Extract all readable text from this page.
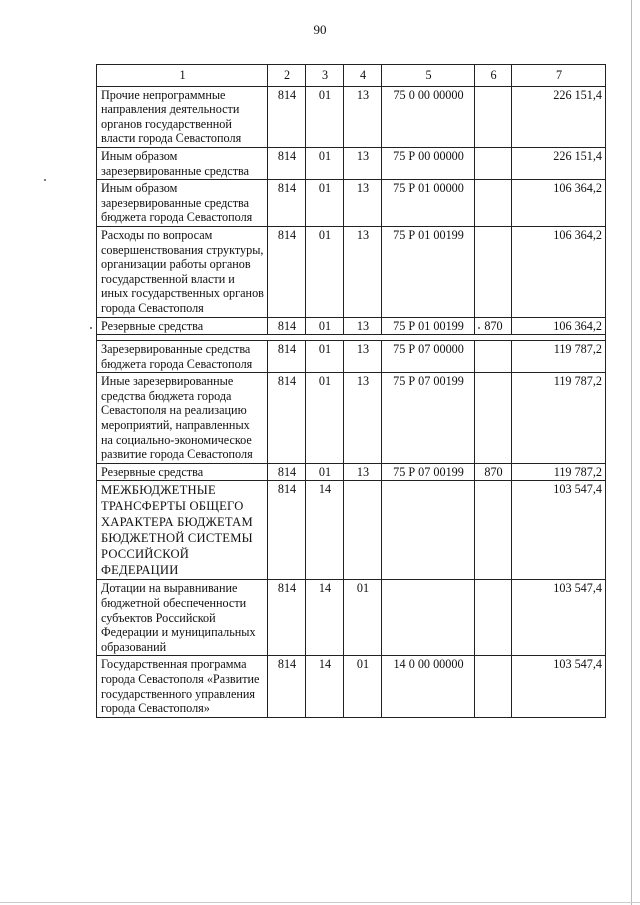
90
1	2	3	4	5	6	7
Прочие непрограммные направления деятельности органов государственной власти города Севастополя	814	01	13	75 0 00 00000		226 151,4
Иным образом зарезервированные средства	814	01	13	75 Р 00 00000		226 151,4
Иным образом зарезервированные средства бюджета города Севастополя	814	01	13	75 Р 01 00000		106 364,2
Расходы по вопросам совершенствования структуры, организации работы органов государственной власти и иных государственных органов города Севастополя	814	01	13	75 Р 01 00199		106 364,2
Резервные средства	814	01	13	75 Р 01 00199	870	106 364,2

Зарезервированные средства бюджета города Севастополя	814	01	13	75 Р 07 00000		119 787,2
Иные зарезервированные средства бюджета города Севастополя на реализацию мероприятий, направленных на социально-экономическое развитие города Севастополя	814	01	13	75 Р 07 00199		119 787,2
Резервные средства	814	01	13	75 Р 07 00199	870	119 787,2
МЕЖБЮДЖЕТНЫЕ ТРАНСФЕРТЫ ОБЩЕГО ХАРАКТЕРА БЮДЖЕТАМ БЮДЖЕТНОЙ СИСТЕМЫ РОССИЙСКОЙ ФЕДЕРАЦИИ	814	14				103 547,4
Дотации на выравнивание бюджетной обеспеченности субъектов Российской Федерации и муниципальных образований	814	14	01			103 547,4
Государственная программа города Севастополя «Развитие государственного управления города Севастополя»	814	14	01	14 0 00 00000		103 547,4
